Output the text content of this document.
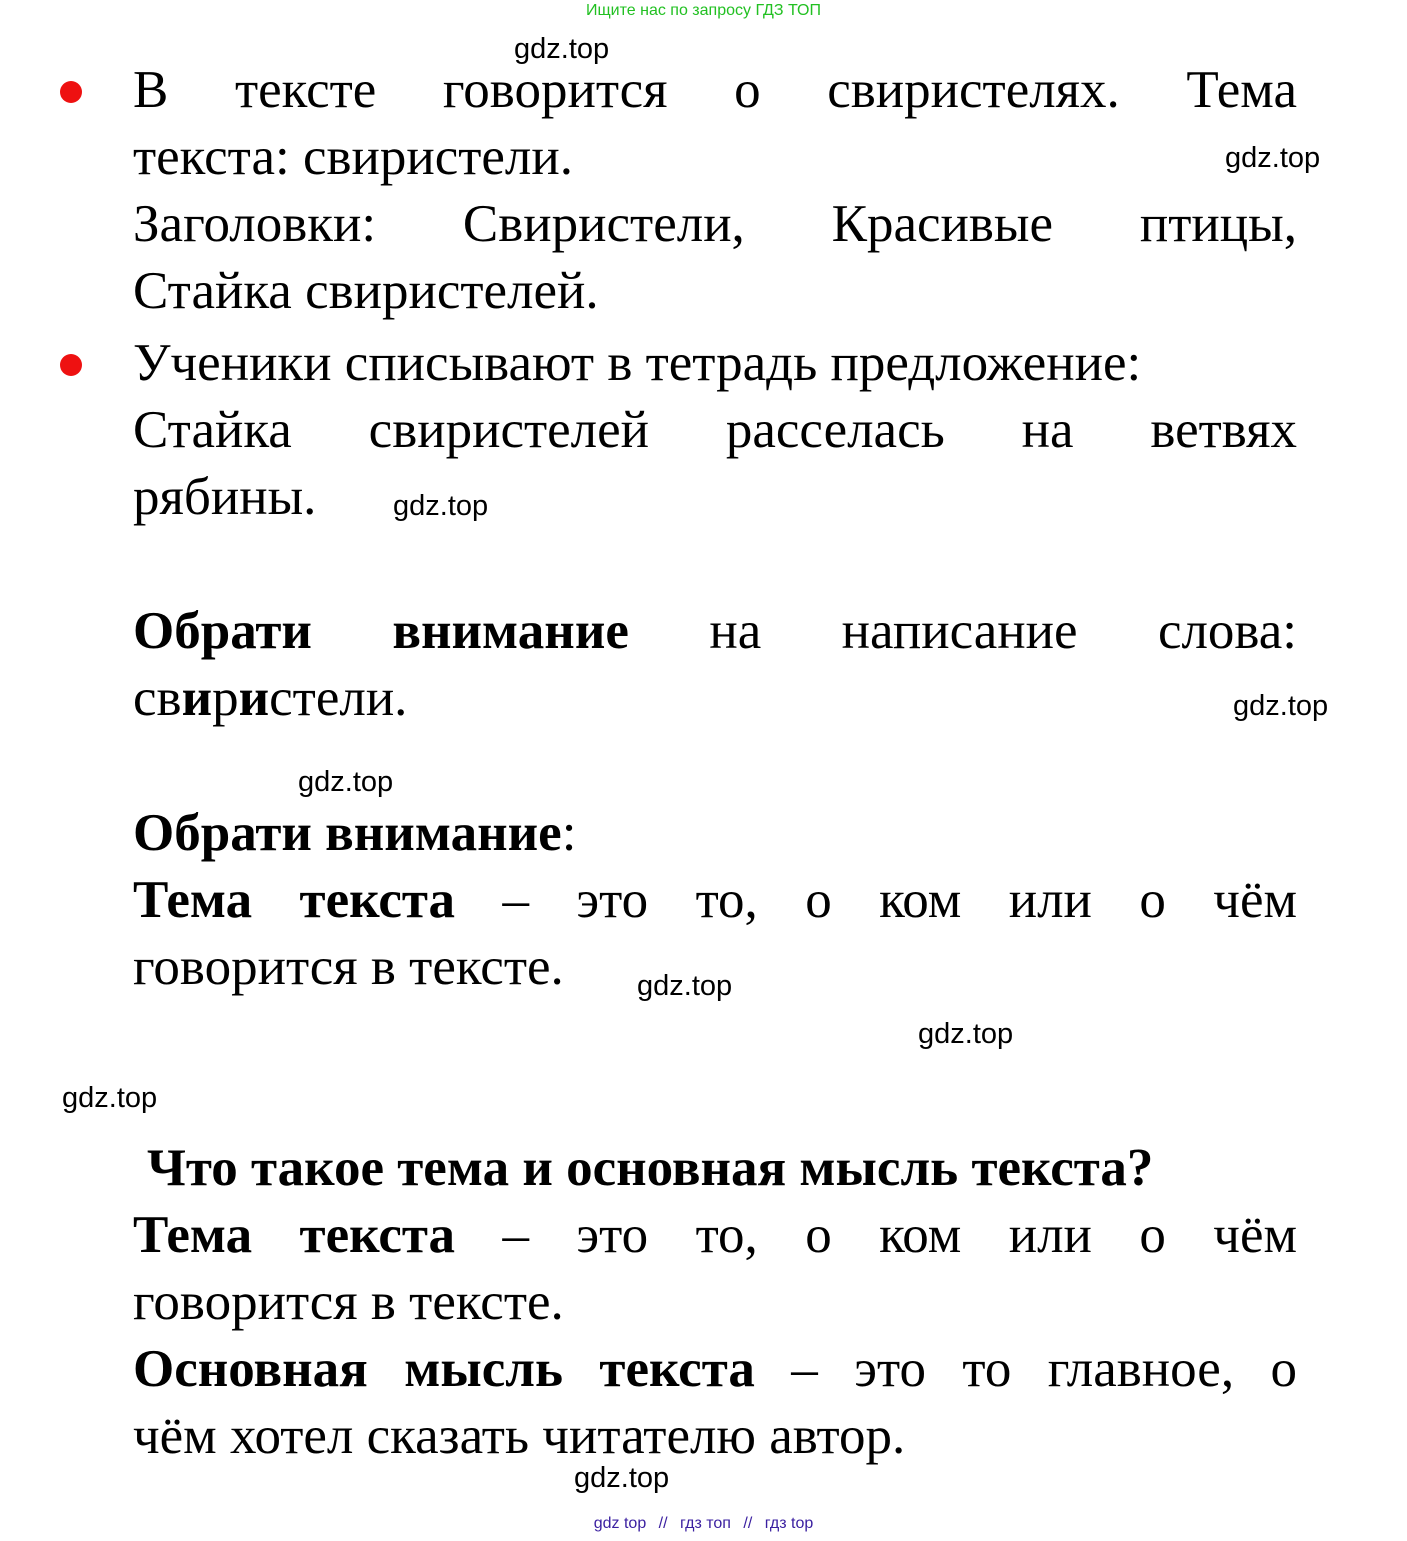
Ищите нас по запросу ГДЗ ТОП
gdz.top
gdz.top
gdz.top
gdz.top
gdz.top
gdz.top
gdz.top
gdz.top
gdz.top
В тексте говорится о свиристелях. Тема
текста: свиристели.
Заголовки: Свиристели, Красивые птицы,
Стайка свиристелей.
Ученики списывают в тетрадь предложение:
Стайка свиристелей расселась на ветвях
рябины.
Обрати внимание на написание слова:
свиристели.
Обрати внимание:
Тема текста – это то, о ком или о чём
говорится в тексте.
Что такое тема и основная мысль текста?
Тема текста – это то, о ком или о чём
говорится в тексте.
Основная мысль текста – это то главное, о
чём хотел сказать читателю автор.
gdz top // гдз топ // гдз top
